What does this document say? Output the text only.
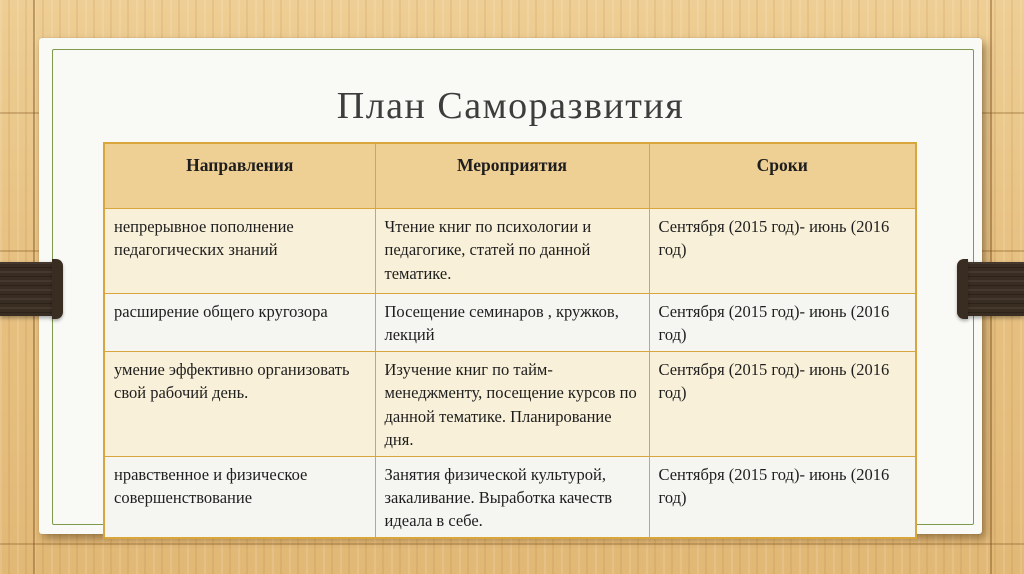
План Саморазвития
Направления	Мероприятия	Сроки
непрерывное пополнение педагогических знаний	Чтение книг по психологии и педагогике, статей по данной тематике.	Сентября (2015 год)- июнь (2016 год)
расширение общего кругозора	Посещение семинаров , кружков, лекций	Сентября (2015 год)- июнь (2016 год)
умение эффективно организовать свой рабочий день.	Изучение книг по тайм-менеджменту, посещение курсов по данной тематике. Планирование дня.	Сентября (2015 год)- июнь (2016 год)
нравственное и физическое совершенствование	Занятия физической культурой, закаливание. Выработка качеств идеала в себе.	Сентября (2015 год)- июнь (2016 год)
